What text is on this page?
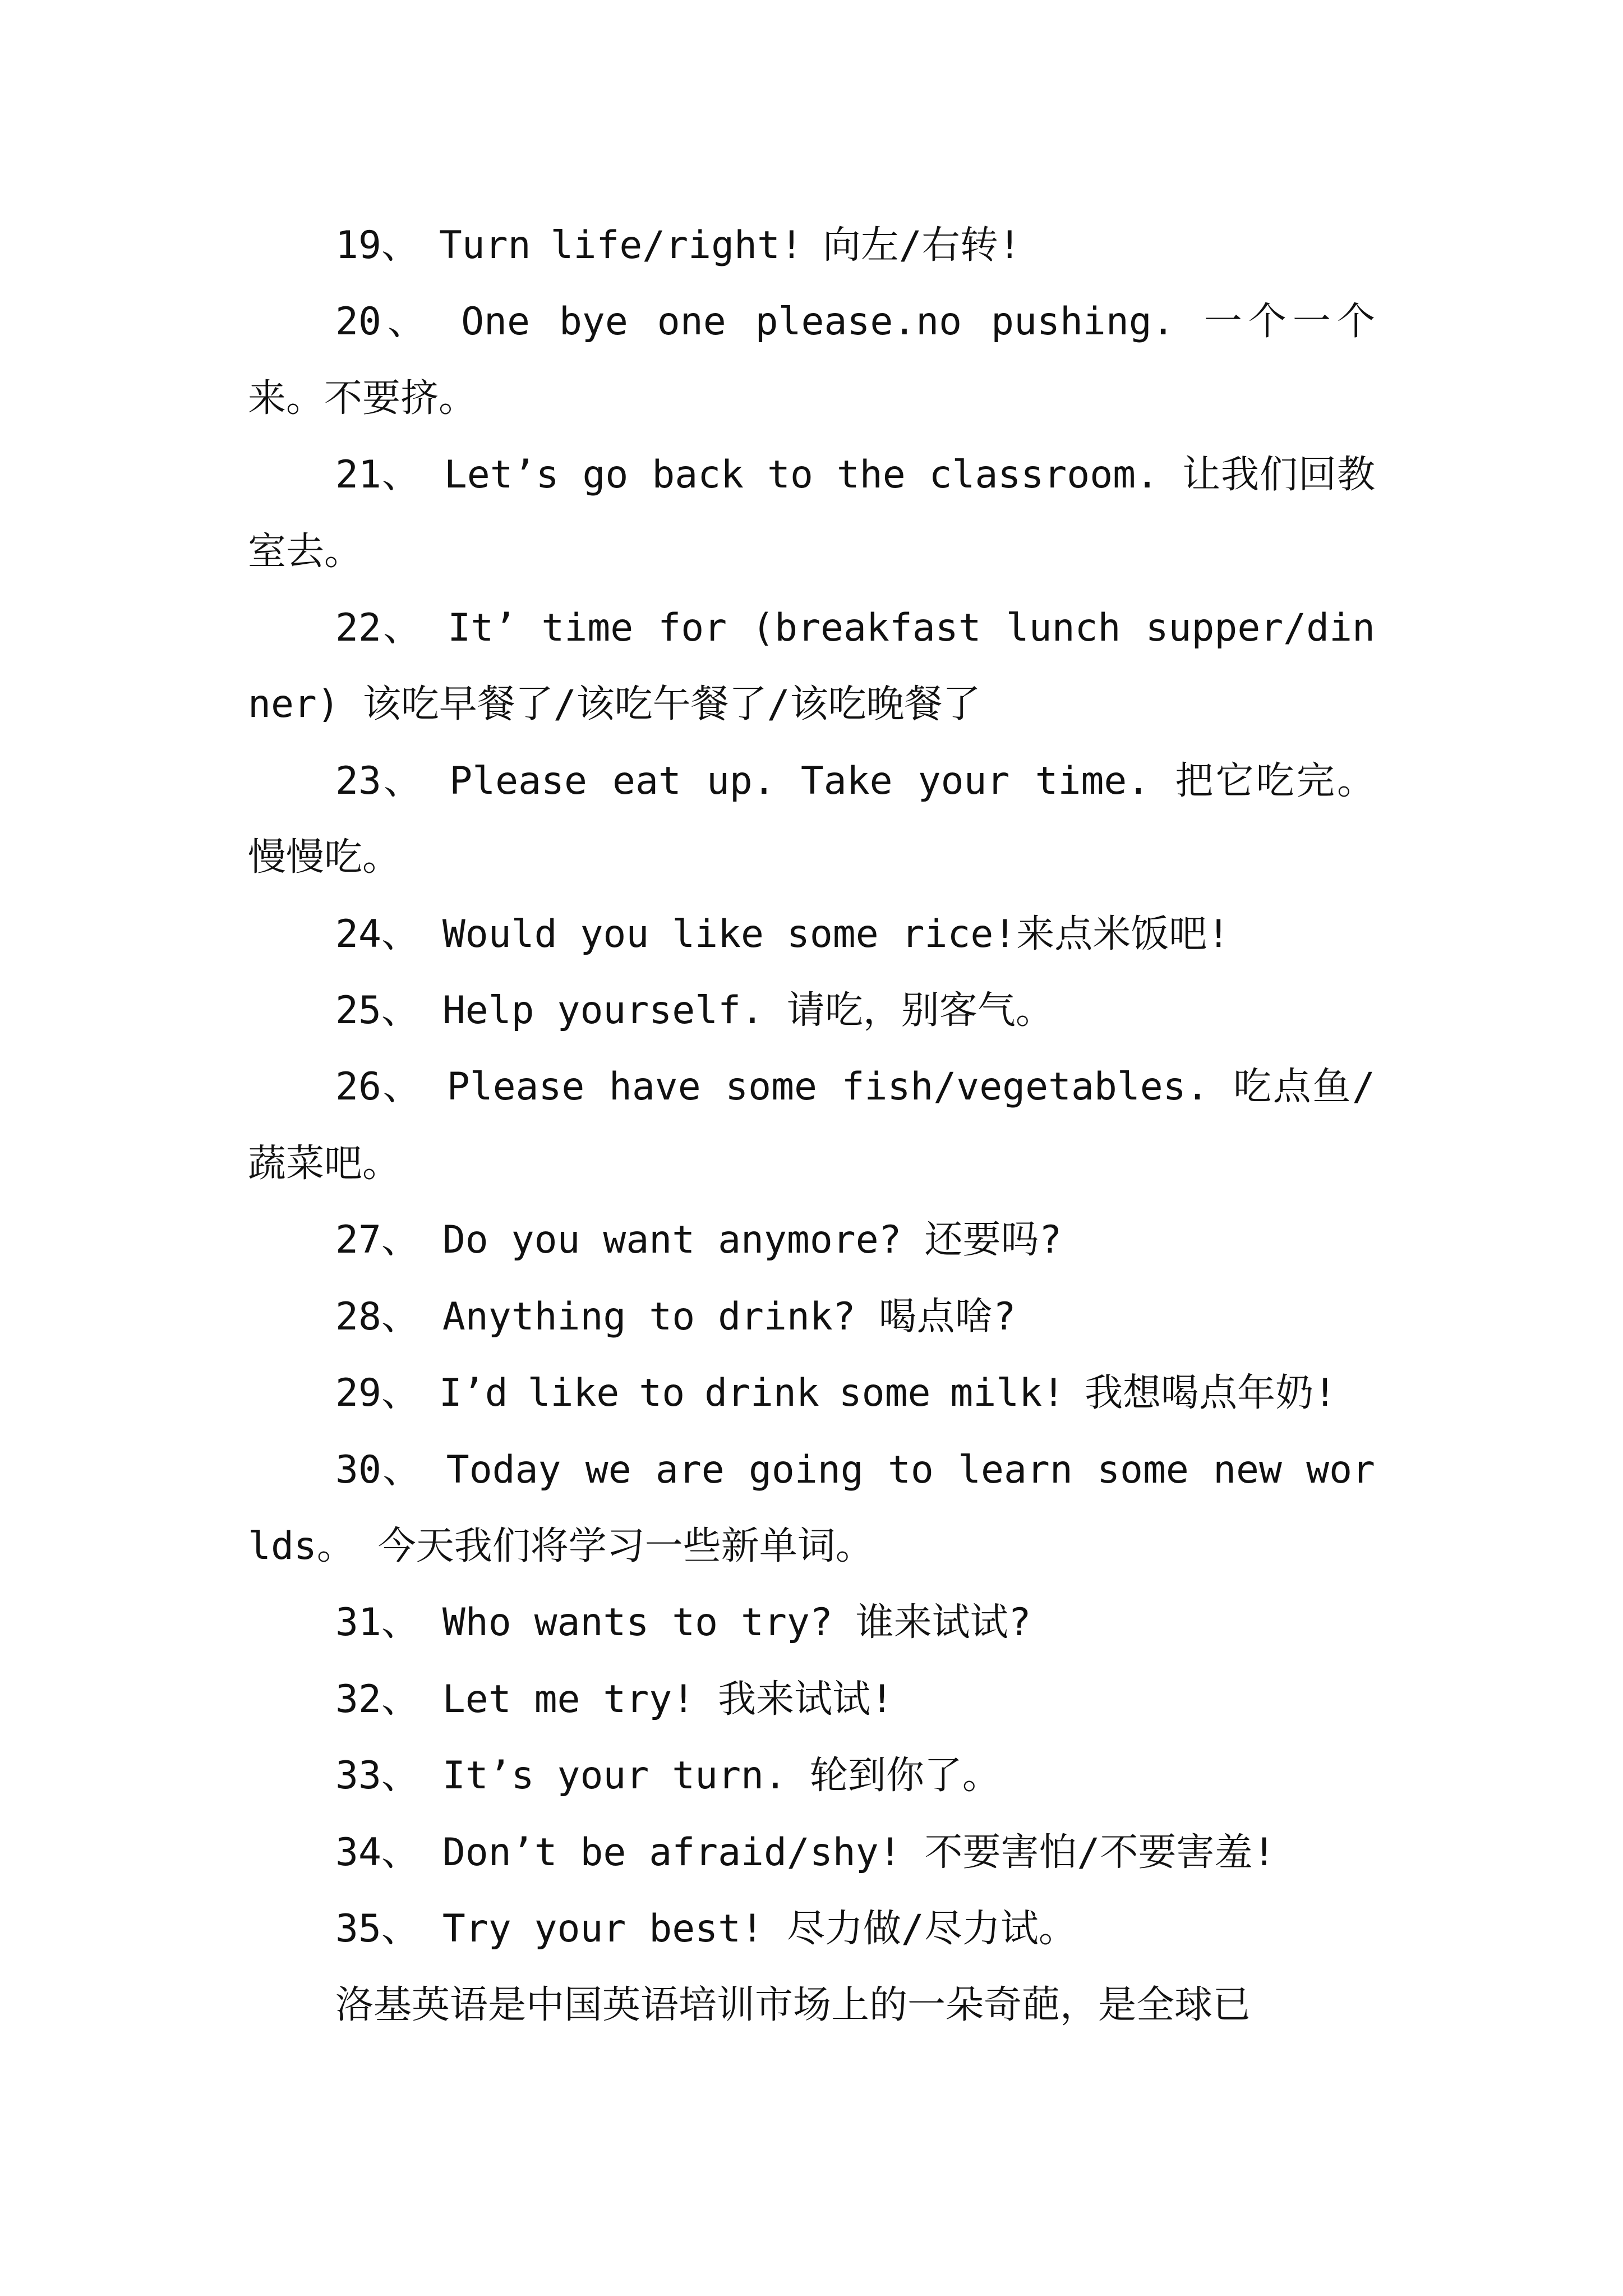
19、 Turn life/right! 向左/右转!

20、 One bye one please.no pushing. 一个一个来。不要挤。

21、 Let’s go back to the classroom. 让我们回教室去。

22、 It’ time for (breakfast lunch supper/dinner) 该吃早餐了/该吃午餐了/该吃晚餐了

23、 Please eat up. Take your time. 把它吃完。慢慢吃。

24、 Would you like some rice!来点米饭吧!

25、 Help yourself. 请吃，别客气。

26、 Please have some fish/vegetables. 吃点鱼/蔬菜吧。

27、 Do you want anymore? 还要吗?

28、 Anything to drink? 喝点啥?

29、 I’d like to drink some milk! 我想喝点年奶!

30、 Today we are going to learn some new worlds。 今天我们将学习一些新单词。

31、 Who wants to try? 谁来试试?

32、 Let me try! 我来试试!

33、 It’s your turn. 轮到你了。

34、 Don’t be afraid/shy! 不要害怕/不要害羞!

35、 Try your best! 尽力做/尽力试。

洛基英语是中国英语培训市场上的一朵奇葩，是全球已
